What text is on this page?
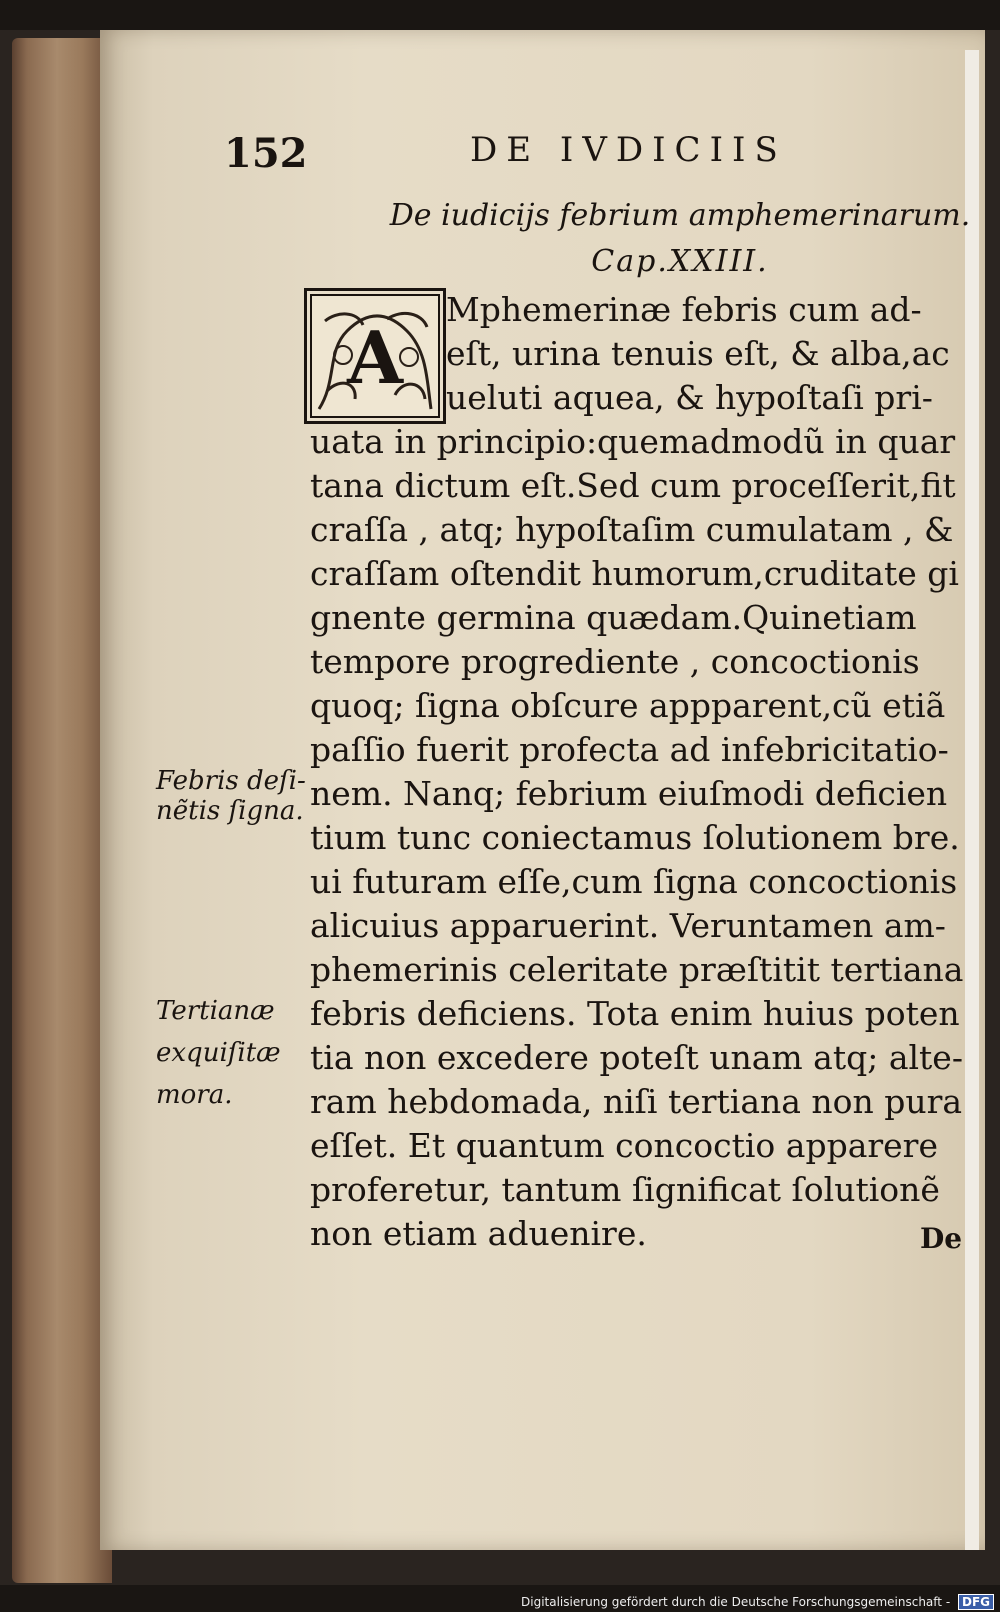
152	DE IVDICIIS
De iudicijs febrium amphemerinarum.
Cap.XXIII.
A
Mphemerinæ febris cum ad-
eſt, urina tenuis eſt, & alba,ac
ueluti aquea, & hypoſtaſi pri-
uata in principio:quemadmodũ in quar
tana dictum eſt.Sed cum proceſſerit,fit
craſſa , atq; hypoſtaſim cumulatam , &
craſſam oſtendit humorum,cruditate gi
gnente germina quædam.Quinetiam
tempore progrediente , concoctionis
quoq; ſigna obſcure appparent,cũ etiã
paſſio fuerit profecta ad infebricitatio-
nem. Nanq; febrium eiuſmodi deficien
tium tunc coniectamus ſolutionem bre.
ui futuram eſſe,cum ſigna concoctionis
alicuius apparuerint. Veruntamen am-
phemerinis celeritate præſtitit tertiana
febris deficiens. Tota enim huius poten
tia non excedere poteſt unam atq; alte-
ram hebdomada, niſi tertiana non pura
eſſet. Et quantum concoctio apparere
proferetur, tantum ſignificat ſolutionẽ
non etiam aduenire.
Febris deſi-
nẽtis ſigna.
Tertianæ
exquiſitæ
mora.
De
Digitalisierung gefördert durch die Deutsche Forschungsgemeinschaft - DFG
